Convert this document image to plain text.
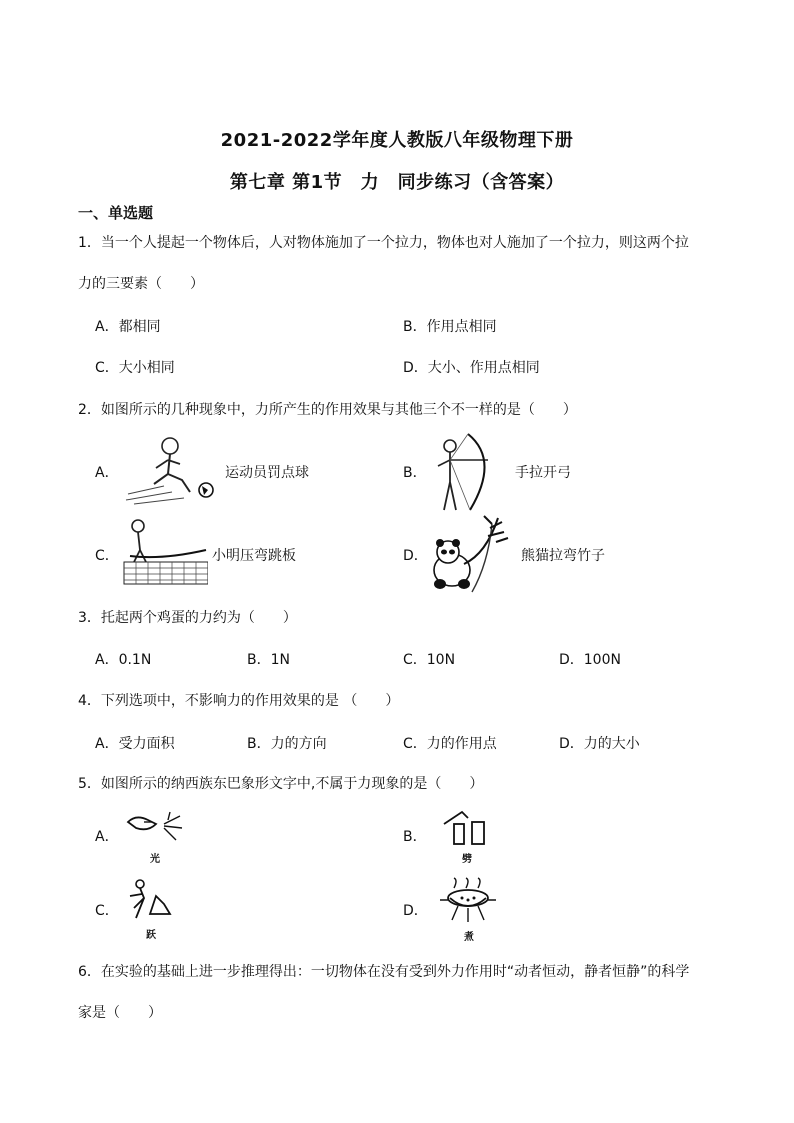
2021-2022学年度人教版八年级物理下册
第七章 第1节　力　同步练习（含答案）
一、单选题
1．当一个人提起一个物体后，人对物体施加了一个拉力，物体也对人施加了一个拉力，则这两个拉
力的三要素（　　）
A．都相同	B．作用点相同
C．大小相同	D．大小、作用点相同
2．如图所示的几种现象中，力所产生的作用效果与其他三个不一样的是（　　）
A．	运动员罚点球	B．	手拉开弓
C．	小明压弯跳板	D．	熊猫拉弯竹子
3．托起两个鸡蛋的力约为（　　）
A．0.1N	B．1N	C．10N	D．100N
4．下列选项中，不影响力的作用效果的是 （　　）
A．受力面积	B．力的方向	C．力的作用点	D．力的大小
5．如图所示的纳西族东巴象形文字中,不属于力现象的是（　　）
A．
光
B．
劈
C．
跃
D．
煮
6．在实验的基础上进一步推理得出：一切物体在没有受到外力作用时“动者恒动，静者恒静”的科学
家是（　　）
